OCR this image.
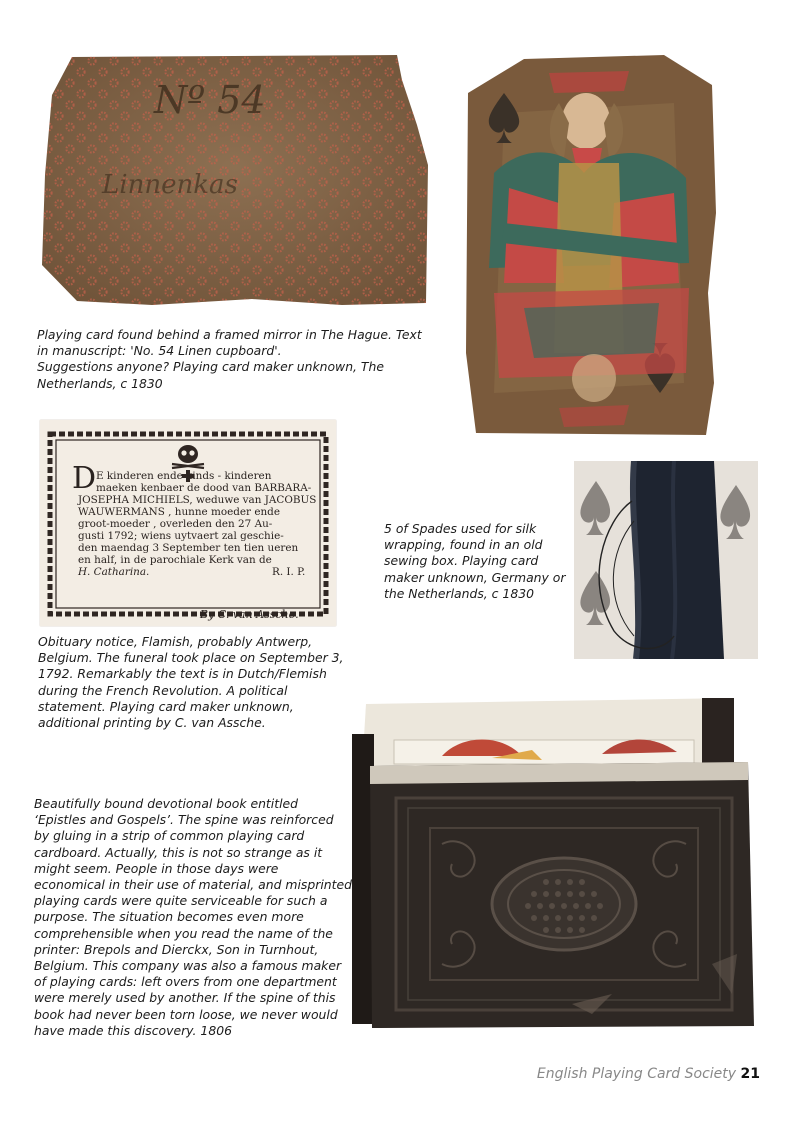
Nº 54
Linnenkas
Playing card found behind a framed mirror in The Hague. Text
in manuscript: 'No. 54 Linen cupboard'.
Suggestions anyone? Playing card maker unknown, The
Netherlands, c 1830
D E kinderen ende kinds - kinderen
maeken kenbaer de dood van BARBARA-
JOSEPHA MICHIELS, weduwe van JACOBUS
WAUWERMANS , hunne moeder ende
groot-moeder , overleden den 27 Au-
gusti 1792; wiens uytvaert zal geschie-
den maendag 3 September ten tien ueren
en half, in de parochiale Kerk van de
H. Catharina.	R. I. P.
By C. van Assche.
Obituary notice, Flamish, probably Antwerp,
Belgium. The funeral took place on September 3,
1792. Remarkably the text is in Dutch/Flemish
during the French Revolution. A political
statement. Playing card maker unknown,
additional printing by C. van Assche.
5 of Spades used for silk
wrapping, found in an old
sewing box. Playing card
maker unknown, Germany or
the Netherlands, c 1830
Beautifully bound devotional book entitled
‘Epistles and Gospels’. The spine was reinforced
by gluing in a strip of common playing card
cardboard. Actually, this is not so strange as it
might seem. People in those days were
economical in their use of material, and misprinted
playing cards were quite serviceable for such a
purpose. The situation becomes even more
comprehensible when you read the name of the
printer: Brepols and Dierckx, Son in Turnhout,
Belgium. This company was also a famous maker
of playing cards: left overs from one department
were merely used by another. If the spine of this
book had never been torn loose, we never would
have made this discovery. 1806
English Playing Card Society 21
